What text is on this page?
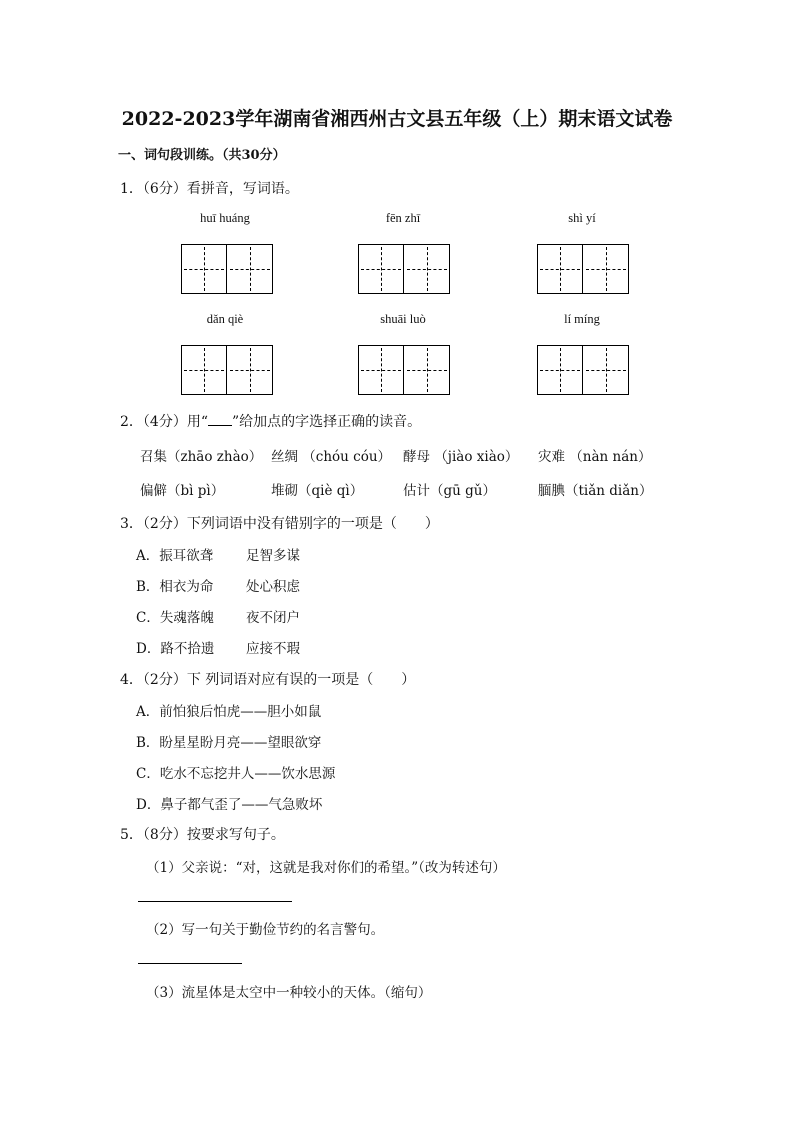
2022-2023学年湖南省湘西州古文县五年级（上）期末语文试卷
一、词句段训练。（共30分）
1．（6分）看拼音，写词语。
huī huáng	fēn zhī	shì yí
dǎn qiè	shuāi luò	lí míng
2．（4分）用“ ”给加点的字选择正确的读音。
召集（zhāo zhào） 丝绸 （chóu cóu） 酵母 （jiào xiào） 灾难 （nàn nán）
偏僻（bì pì）	堆砌（qiè qì）	估计（gū gǔ）	腼腆（tiǎn diǎn）
3．（2分）下列词语中没有错别字的一项是（　　）
A．振耳欲聋 足智多谋
B．相衣为命 处心积虑
C．失魂落魄 夜不闭户
D．路不拾遗 应接不瑕
4．（2分）下 列词语对应有误的一项是（　　）
A．前怕狼后怕虎——胆小如鼠
B．盼星星盼月亮——望眼欲穿
C．吃水不忘挖井人——饮水思源
D．鼻子都气歪了——气急败坏
5．（8分）按要求写句子。
（1）父亲说：“对，这就是我对你们的希望。”（改为转述句）
（2）写一句关于勤俭节约的名言警句。
（3）流星体是太空中一种较小的天体。（缩句）
